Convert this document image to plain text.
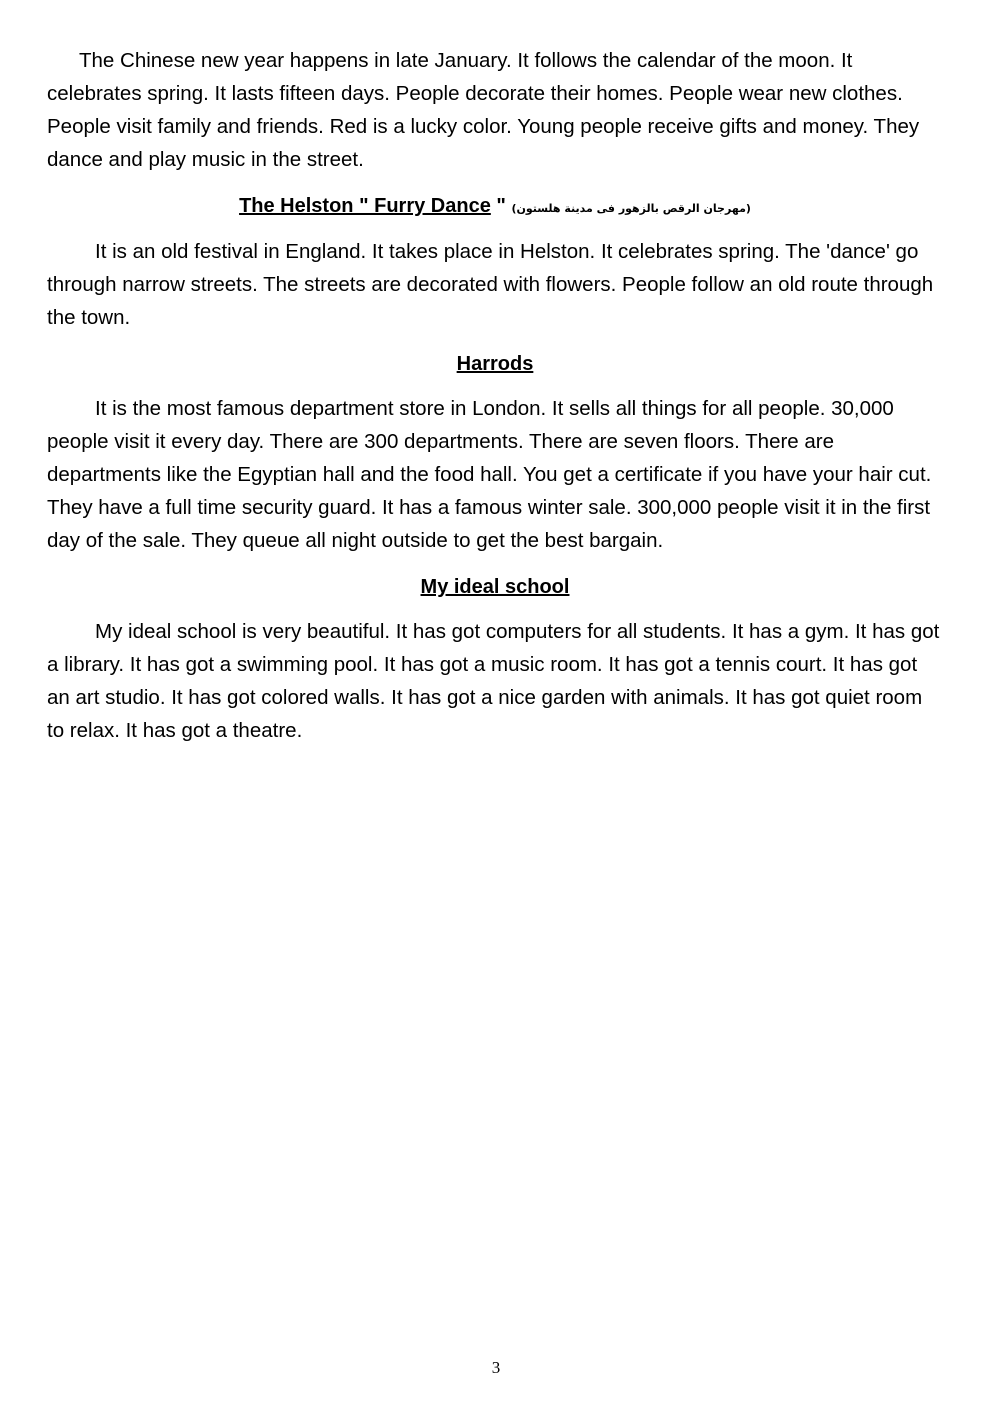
The Chinese new year happens in late January. It follows the calendar of the moon. It celebrates spring. It lasts fifteen days. People decorate their homes. People wear new clothes. People visit family and friends. Red is a lucky color. Young people receive gifts and money. They dance and play music in the street.

The Helston " Furry Dance " (مهرجان الرقص بالزهور فى مدينة هلستون)

It is an old festival in England. It takes place in Helston. It celebrates spring. The 'dance' go through narrow streets. The streets are decorated with flowers. People follow an old route through the town.

Harrods

It is the most famous department store in London. It sells all things for all people. 30,000 people visit it every day. There are 300 departments. There are seven floors. There are departments like the Egyptian hall and the food hall. You get a certificate if you have your hair cut. They have a full time security guard. It has a famous winter sale. 300,000 people visit it in the first day of the sale. They queue all night outside to get the best bargain.

My ideal school

My ideal school is very beautiful. It has got computers for all students. It has a gym. It has got a library. It has got a swimming pool. It has got a music room. It has got a tennis court. It has got an art studio. It has got colored walls. It has got a nice garden with animals. It has got quiet room to relax. It has got a theatre.

3
